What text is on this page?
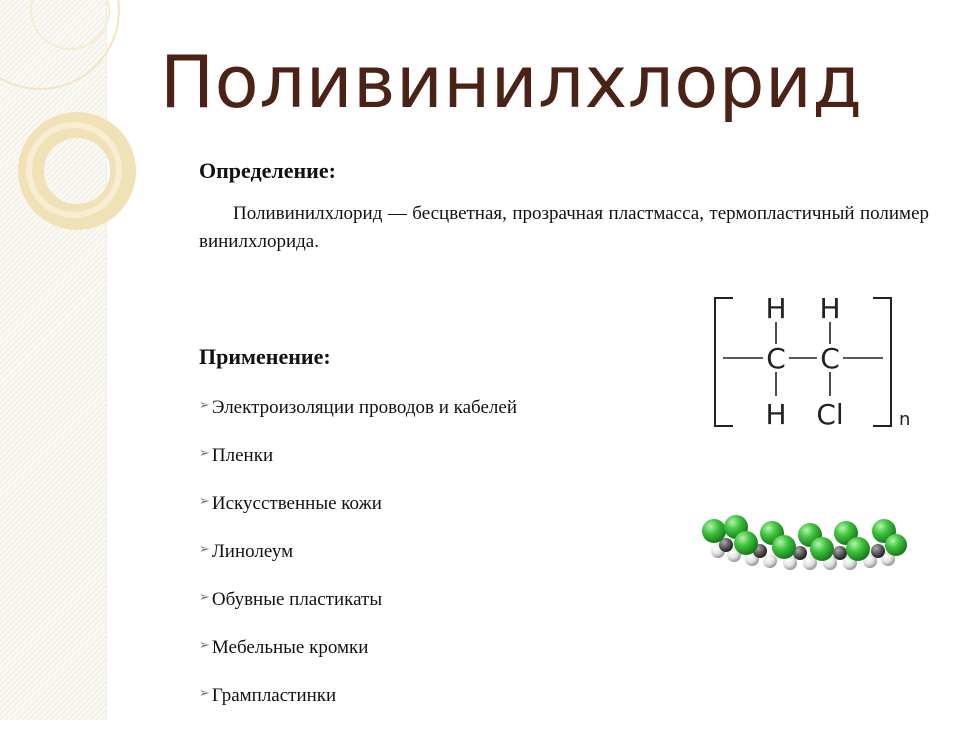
Поливинилхлорид

Определение:

Поливинилхлорид — бесцветная, прозрачная пластмасса, термопластичный полимер винилхлорида.

Применение:

➢ Электроизоляции проводов и кабелей
➢ Пленки
➢ Искусственные кожи
➢ Линолеум
➢ Обувные пластикаты
➢ Мебельные кромки
➢ Грампластинки
H H
C C
H Cl	n
